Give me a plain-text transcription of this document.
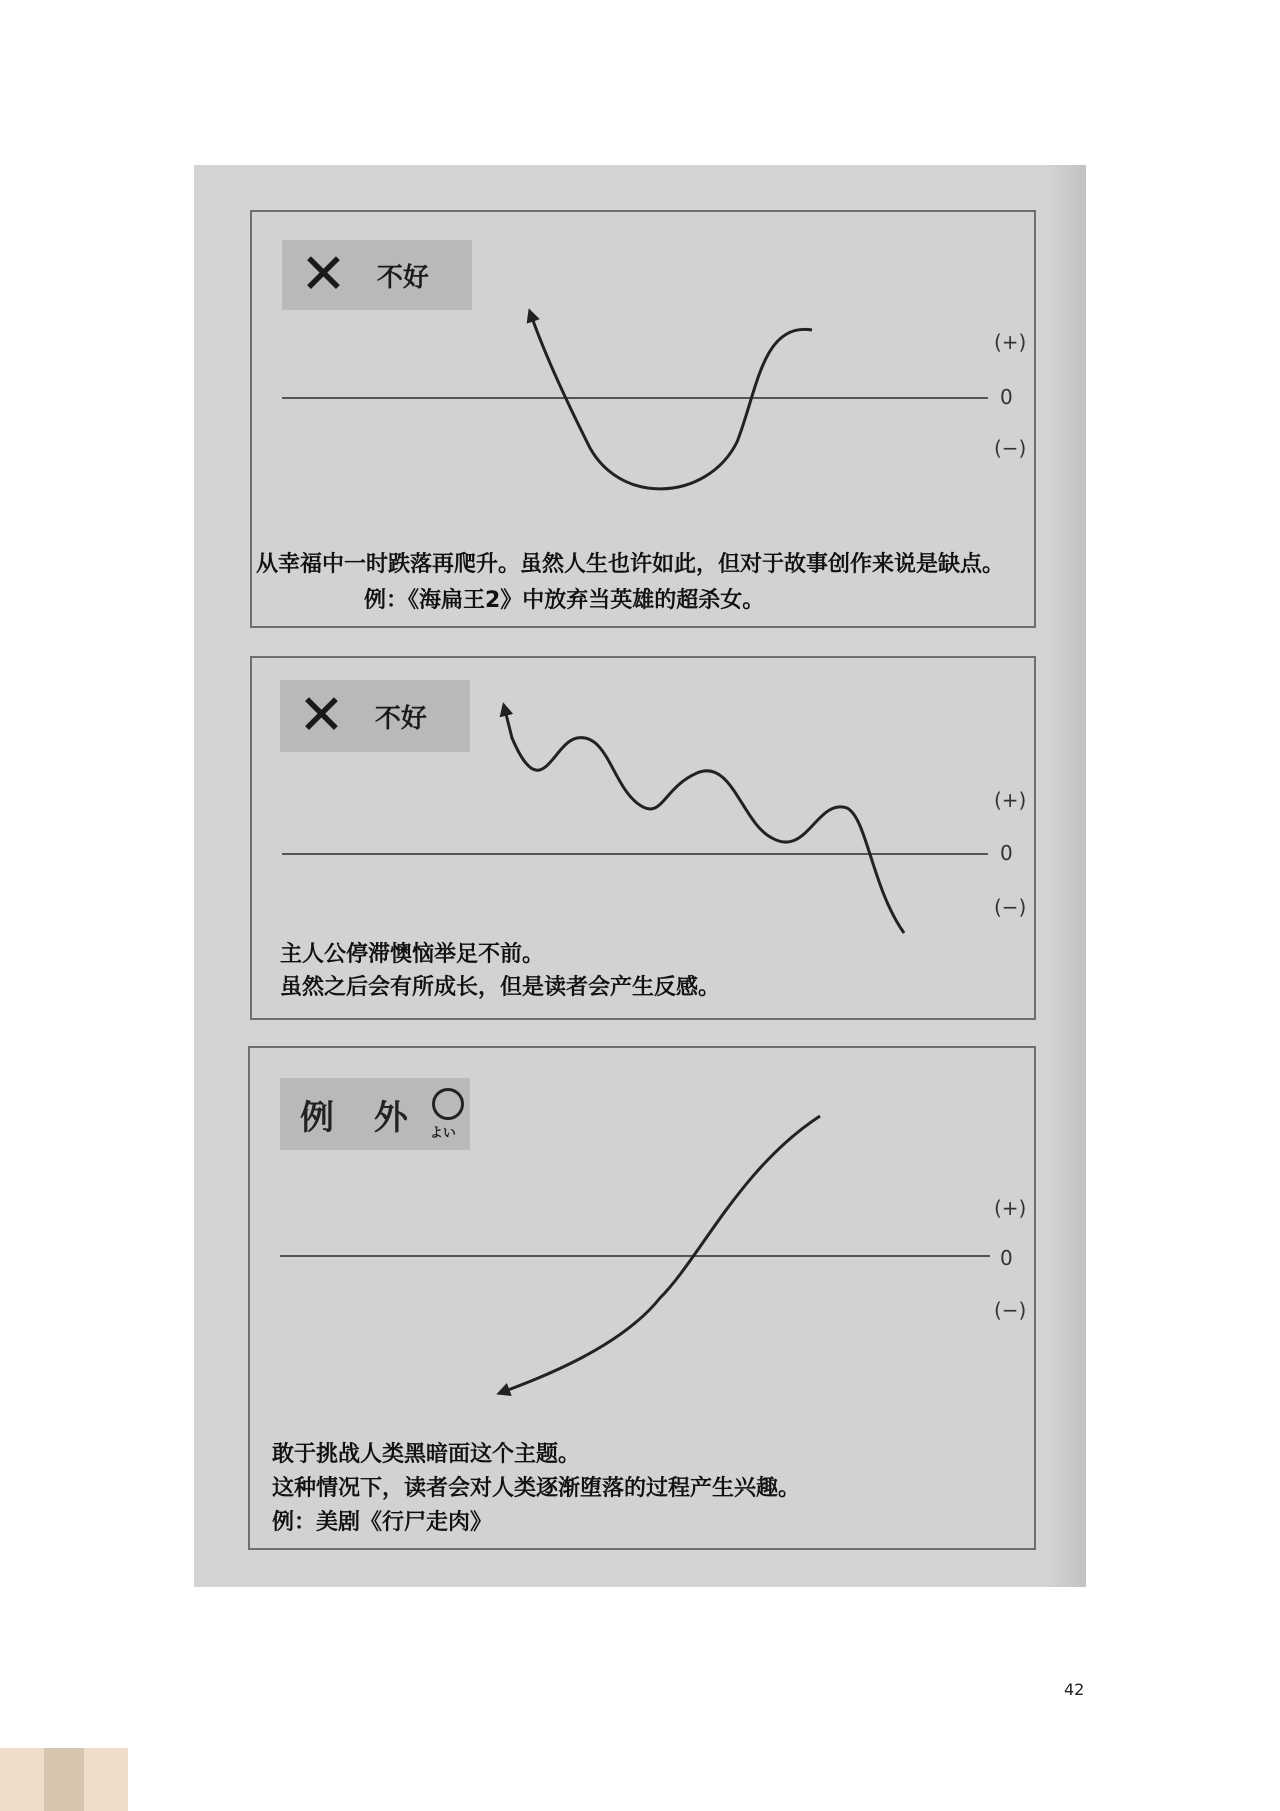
✕ 不好
(+)
0
(−)
从幸福中一时跌落再爬升。虽然人生也许如此，但对于故事创作来说是缺点。
例：《海扁王2》中放弃当英雄的超杀女。
✕ 不好
(+)
0
(−)
主人公停滞懊恼举足不前。
虽然之后会有所成长，但是读者会产生反感。
例 外 よい
(+)
0
(−)
敢于挑战人类黑暗面这个主题。
这种情况下，读者会对人类逐渐堕落的过程产生兴趣。
例：美剧《行尸走肉》
42
